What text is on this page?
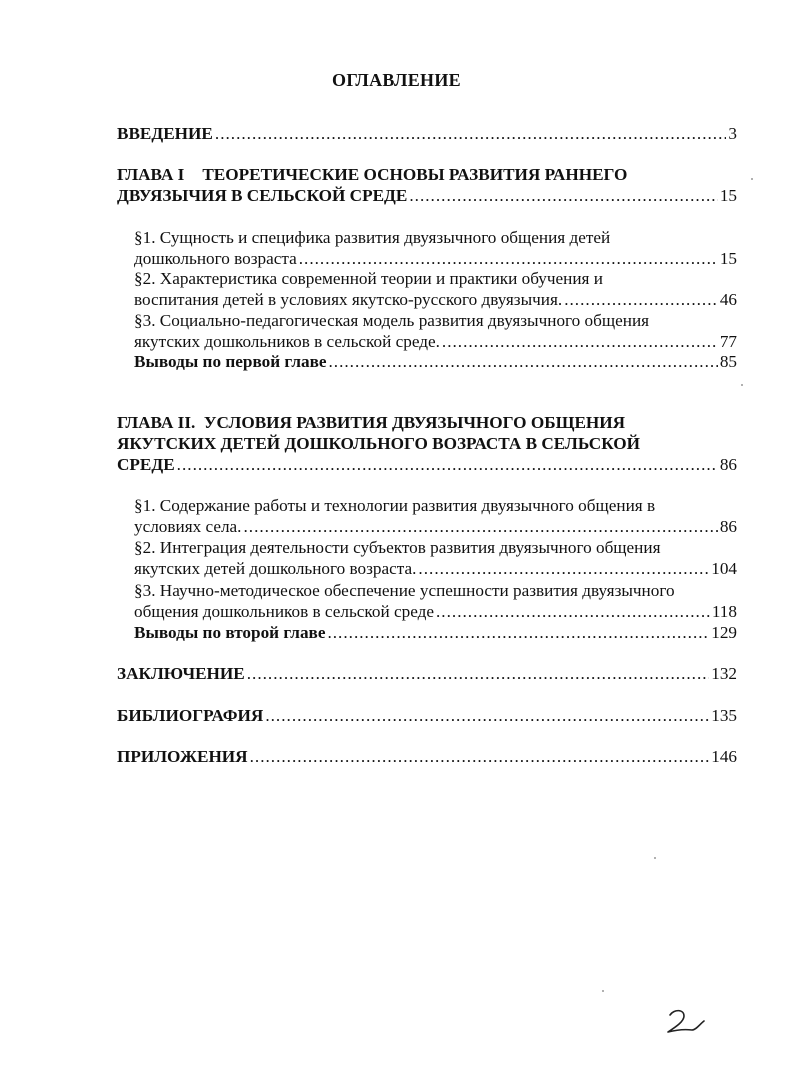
ОГЛАВЛЕНИЕ
ВВЕДЕНИЕ .....	3
ГЛАВА I ТЕОРЕТИЧЕСКИЕ ОСНОВЫ РАЗВИТИЯ РАННЕГО
ДВУЯЗЫЧИЯ В СЕЛЬСКОЙ СРЕДЕ .....	15
§1. Сущность и специфика развития двуязычного общения детей
дошкольного возраста .....	15
§2. Характеристика современной теории и практики обучения и
воспитания детей в условиях якутско-русского двуязычия. .....	46
§3. Социально-педагогическая модель развития двуязычного общения
якутских дошкольников в сельской среде. .....	77
Выводы по первой главе .....	85
ГЛАВА II.  УСЛОВИЯ РАЗВИТИЯ ДВУЯЗЫЧНОГО ОБЩЕНИЯ
ЯКУТСКИХ ДЕТЕЙ ДОШКОЛЬНОГО ВОЗРАСТА В СЕЛЬСКОЙ
СРЕДЕ .....	86
§1. Содержание работы и технологии развития двуязычного общения в
условиях села. .....	86
§2. Интеграция деятельности субъектов развития двуязычного общения
якутских детей дошкольного возраста. .....	104
§3. Научно-методическое обеспечение успешности развития двуязычного
общения дошкольников в сельской среде .....	118
Выводы по второй главе .....	129
ЗАКЛЮЧЕНИЕ .....	132
БИБЛИОГРАФИЯ .....	135
ПРИЛОЖЕНИЯ .....	146
